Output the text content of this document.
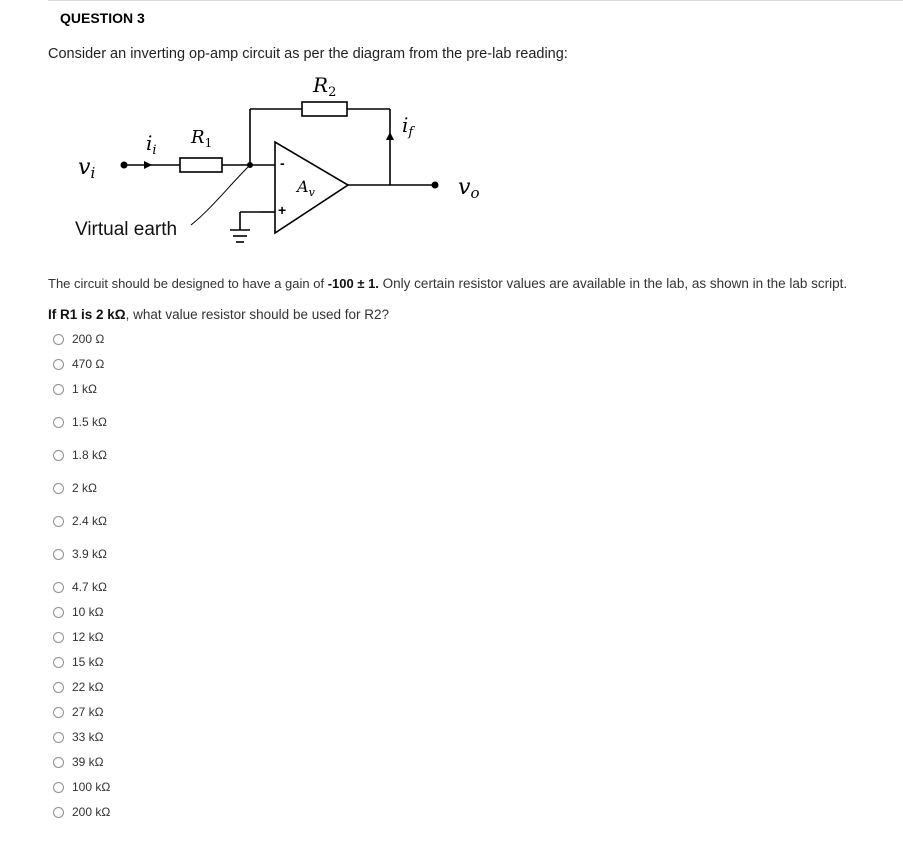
QUESTION 3
Consider an inverting op-amp circuit as per the diagram from the pre-lab reading:
$R_2$
$R_1$
$i_i$
$i_f$
vi
vo
$A_v$
-
+
Virtual earth
The circuit should be designed to have a gain of -100 ± 1. Only certain resistor values are available in the lab, as shown in the lab script.
If R1 is 2 kΩ, what value resistor should be used for R2?
200 Ω
470 Ω
1 kΩ
1.5 kΩ
1.8 kΩ
2 kΩ
2.4 kΩ
3.9 kΩ
4.7 kΩ
10 kΩ
12 kΩ
15 kΩ
22 kΩ
27 kΩ
33 kΩ
39 kΩ
100 kΩ
200 kΩ
